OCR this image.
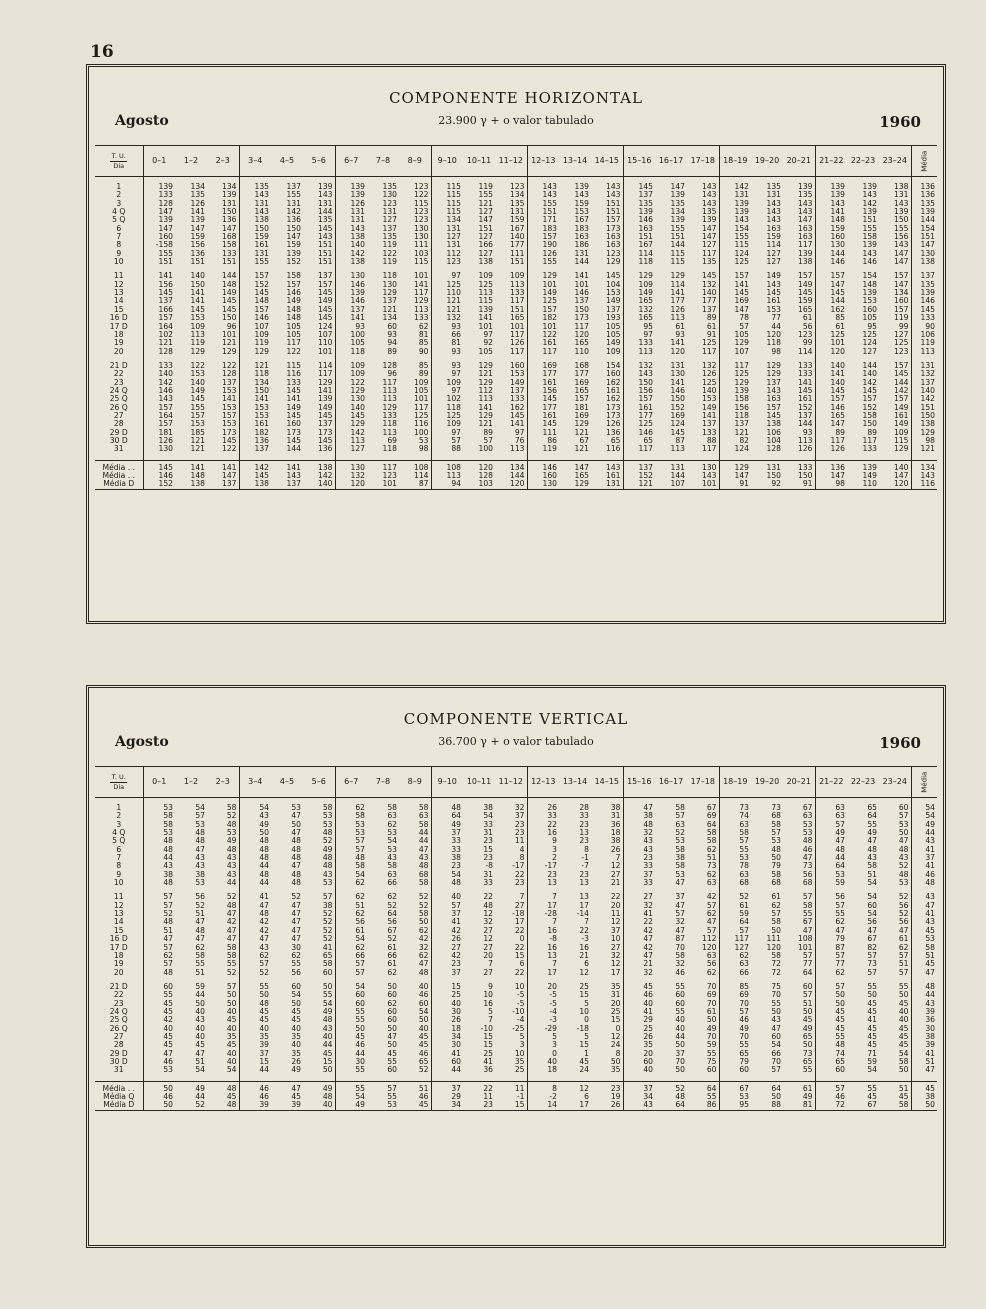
16
COMPONENTE HORIZONTAL
Agosto	23.900 γ + o valor tabulado	1960
T. U.
Dia	0–1	1–2	2–3	3–4	4–5	5–6	6–7	7–8	8–9	9–10	10–11	11–12	12–13	13–14	14–15	15–16	16–17	17–18	18–19	19–20	20–21	21–22	22–23	23–24	Média

1	139	134	134	135	137	139	139	135	123	115	119	123	143	139	143	145	147	143	142	135	139	139	139	138	136
2	133	135	139	143	155	143	139	130	122	115	155	134	143	143	143	137	139	143	131	131	135	139	143	131	136
3	128	126	131	131	131	131	126	123	115	115	121	135	155	159	151	135	135	143	139	143	143	143	142	143	135
4 Q	147	141	150	143	142	144	131	131	123	115	127	131	151	153	151	139	134	135	139	143	143	141	139	139	139
5 Q	139	139	136	138	136	135	131	127	123	134	147	159	171	167	157	146	139	139	143	143	147	148	151	150	144
6	147	147	147	150	150	145	143	137	130	131	151	167	183	183	173	163	155	147	154	163	163	159	155	155	154
7	160	159	168	159	147	143	138	135	130	127	127	140	157	163	163	151	151	147	155	159	163	160	158	156	151
8	-158	156	158	161	159	151	140	119	111	131	166	177	190	186	163	167	144	127	115	114	117	130	139	143	147
9	155	136	133	131	139	151	142	122	103	112	127	111	126	131	123	114	115	117	124	127	139	144	143	147	130
10	151	151	151	155	152	151	138	119	115	123	138	151	155	144	129	118	115	135	125	127	138	146	146	147	138

11	141	140	144	157	158	137	130	118	101	97	109	109	129	141	145	129	129	145	157	149	157	157	154	157	137
12	156	150	148	152	157	157	146	130	141	125	125	113	101	101	104	109	114	132	141	143	149	147	148	147	135
13	145	141	149	145	146	145	139	129	117	110	113	133	149	146	153	149	141	140	145	145	145	145	139	134	139
14	137	141	145	148	149	149	146	137	129	121	115	117	125	137	149	165	177	177	169	161	159	144	153	160	146
15	166	145	145	157	148	145	137	121	113	121	139	151	157	150	137	132	126	137	147	153	165	162	160	157	145
16 D	157	153	150	146	148	145	141	134	133	132	141	165	182	173	193	165	113	89	78	77	61	85	105	119	133
17 D	164	109	96	107	105	124	93	60	62	93	101	101	101	117	105	95	61	61	57	44	56	61	95	99	90
18	102	113	101	109	105	107	100	93	81	66	97	117	122	120	105	97	93	91	105	120	123	125	125	127	106
19	121	119	121	119	117	110	105	94	85	81	92	126	161	165	149	133	141	125	129	118	99	101	124	125	119
20	128	129	129	129	122	101	118	89	90	93	105	117	117	110	109	113	120	117	107	98	114	120	127	123	113

21 D	133	122	122	121	115	114	109	128	85	93	129	160	169	168	154	132	131	132	117	129	133	140	144	157	131
22	140	153	128	118	116	117	109	96	89	97	121	153	177	177	160	143	130	126	125	129	133	141	140	145	132
23	142	140	137	134	133	129	122	117	109	109	129	149	161	169	162	150	141	125	129	137	141	140	142	144	137
24 Q	146	149	153	150	145	141	129	113	105	97	112	137	156	165	161	156	146	140	139	143	145	145	145	142	140
25 Q	143	145	141	141	141	139	130	113	101	102	113	133	145	157	162	157	150	153	158	163	161	157	157	157	142
26 Q	157	155	153	153	149	149	140	129	117	118	141	162	177	181	173	161	152	149	156	157	152	146	152	149	151
27	164	157	157	153	145	145	145	133	125	125	129	145	161	169	173	177	169	141	118	145	137	165	158	161	150
28	157	153	153	161	160	137	129	118	116	109	121	141	145	129	126	125	124	137	137	138	144	147	150	149	138
29 D	181	185	173	182	173	173	142	113	100	97	89	97	111	121	136	146	145	133	121	106	93	89	89	109	129
30 D	126	121	145	136	145	145	113	69	53	57	57	76	86	67	65	65	87	88	82	104	113	117	117	115	98
31	130	121	122	137	144	136	127	118	98	88	100	113	119	121	116	117	113	117	124	128	126	126	133	129	121

Média . .	145	141	141	142	141	138	130	117	108	108	120	134	146	147	143	137	131	130	129	131	133	136	139	140	134
Média . .	146	148	147	145	143	142	132	123	114	113	128	144	160	165	161	152	144	143	147	150	150	147	149	147	143
Média D	152	138	137	138	137	140	120	101	87	94	103	120	130	129	131	121	107	101	91	92	91	98	110	120	116
COMPONENTE VERTICAL
Agosto	36.700 γ + o valor tabulado	1960
T. U.
Dia	0–1	1–2	2–3	3–4	4–5	5–6	6–7	7–8	8–9	9–10	10–11	11–12	12–13	13–14	14–15	15–16	16–17	17–18	18–19	19–20	20–21	21–22	22–23	23–24	Média

1	53	54	58	54	53	58	62	58	58	48	38	32	26	28	38	47	58	67	73	73	67	63	65	60	54
2	58	57	52	43	47	53	58	63	63	64	54	37	33	33	31	38	57	69	74	68	63	63	64	57	54
3	58	53	48	49	50	53	53	62	58	49	33	23	22	23	36	48	63	64	63	58	53	57	55	53	49
4 Q	53	48	53	50	47	48	53	53	44	37	31	23	16	13	18	32	52	58	58	57	53	49	49	50	44
5 Q	48	48	49	48	48	52	57	54	44	33	23	11	9	23	38	43	53	58	57	53	48	47	47	47	43
6	48	47	48	48	48	49	57	53	47	33	15	4	3	8	26	43	58	62	55	48	46	48	48	48	41
7	44	43	43	48	48	48	48	43	43	38	23	8	2	-1	7	23	38	51	53	50	47	44	43	43	37
8	43	43	43	44	47	48	58	58	48	23	-8	-17	-17	-7	12	33	58	73	78	79	73	64	58	52	41
9	38	38	43	48	48	43	54	63	68	54	31	22	23	23	27	37	53	62	63	58	56	53	51	48	46
10	48	53	44	44	48	53	62	66	58	48	33	23	13	13	21	33	47	63	68	68	68	59	54	53	48

11	57	56	52	41	52	57	62	62	52	40	22	7	7	13	22	27	37	42	52	61	57	56	54	52	43
12	57	52	48	47	47	38	51	52	52	57	48	27	17	17	20	32	47	57	61	62	58	57	60	56	47
13	52	51	47	48	47	52	62	64	58	37	12	-18	-28	-14	11	41	57	62	59	57	55	55	54	52	41
14	48	47	42	42	47	52	56	56	50	41	32	17	7	7	12	22	32	47	64	58	67	62	56	56	43
15	51	48	47	42	47	52	61	67	62	42	27	22	16	22	37	42	47	57	57	50	47	47	47	47	45
16 D	47	47	47	47	47	52	54	52	42	26	12	0	-8	-3	10	47	87	112	117	111	108	79	67	61	53
17 D	57	62	58	43	30	41	62	61	32	27	27	22	16	16	27	42	70	120	127	120	101	87	82	62	58
18	62	58	58	62	62	65	66	66	62	42	20	15	13	21	32	47	58	63	62	58	57	57	57	57	51
19	57	55	55	57	55	58	57	61	47	23	7	6	7	6	12	21	32	56	63	72	77	77	73	51	45
20	48	51	52	52	56	60	57	62	48	37	27	22	17	12	17	32	46	62	66	72	64	62	57	57	47

21 D	60	59	57	55	60	50	54	50	40	15	9	10	20	25	35	45	55	70	85	75	60	57	55	55	48
22	55	44	50	50	54	55	60	60	46	25	10	-5	-5	15	31	46	60	69	69	70	57	50	50	50	44
23	45	50	50	48	50	54	60	62	60	40	16	-5	-5	5	20	40	60	70	70	55	51	50	45	45	43
24 Q	45	40	40	45	45	49	55	60	54	30	5	-10	-4	10	25	41	55	61	57	50	50	45	45	40	39
25 Q	42	43	45	45	45	48	55	60	50	26	7	-4	-3	0	15	29	40	50	46	43	45	45	41	40	36
26 Q	40	40	40	40	40	43	50	50	40	18	-10	-25	-29	-18	0	25	40	49	49	47	49	45	45	45	30
27	45	40	35	35	35	40	45	47	45	34	15	5	5	5	12	26	44	70	70	60	65	55	45	45	38
28	45	45	45	39	40	44	46	50	45	30	15	3	3	15	24	35	50	59	55	54	50	48	45	45	39
29 D	47	47	40	37	35	45	44	45	46	41	25	10	0	1	8	20	37	55	65	66	73	74	71	54	41
30 D	46	51	40	15	26	15	30	55	65	60	41	35	40	45	50	60	70	75	79	70	65	65	59	58	51
31	53	54	54	44	49	50	55	60	52	44	36	25	18	24	35	40	50	60	60	57	55	60	54	50	47

Média . .	50	49	48	46	47	49	55	57	51	37	22	11	8	12	23	37	52	64	67	64	61	57	55	51	45
Média Q	46	44	45	46	45	48	54	55	46	29	11	-1	-2	6	19	34	48	55	53	50	49	46	45	45	38
Média D	50	52	48	39	39	40	49	53	45	34	23	15	14	17	26	43	64	86	95	88	81	72	67	58	50
